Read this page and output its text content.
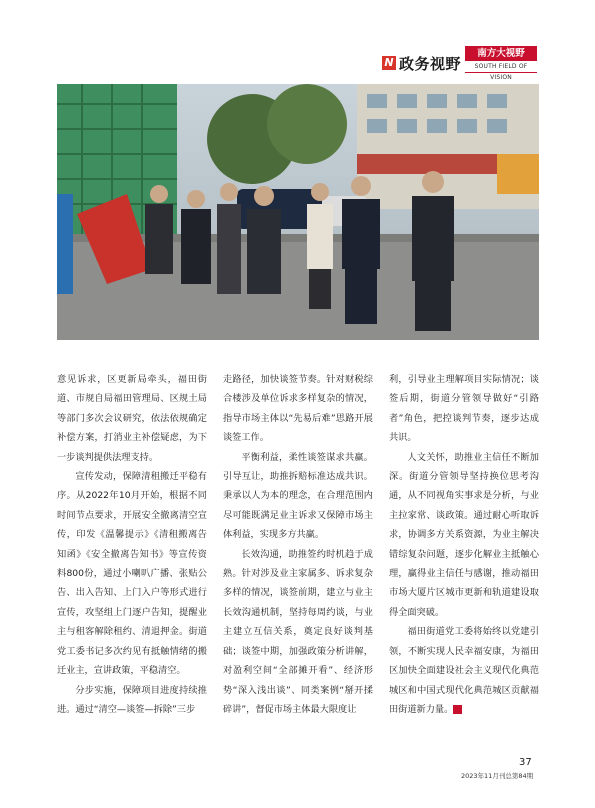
N 政务视野
南方大视野
SOUTH FIELD OF VISION

意见诉求，区更新局牵头，福田街道、市规自局福田管理局、区规土局等部门多次会议研究，依法依规确定补偿方案，打消业主补偿疑虑，为下一步谈判提供法理支持。

宣传发动，保障清租搬迁平稳有序。从2022年10月开始，根据不同时间节点要求，开展安全撤离清空宣传，印发《温馨提示》《清租搬离告知函》《安全撤离告知书》等宣传资料800份，通过小喇叭广播、张贴公告、出入告知、上门入户等形式进行宣传，攻坚组上门逐户告知，提醒业主与租客解除租约、清退押金。街道党工委书记多次约见有抵触情绪的搬迁业主，宣讲政策，平稳清空。

分步实施，保障项目进度持续推进。通过“清空—谈签—拆除”三步

走路径，加快谈签节奏。针对财税综合楼涉及单位诉求多样复杂的情况，指导市场主体以“先易后难”思路开展谈签工作。

平衡利益，柔性谈签谋求共赢。引导互让，助推拆赔标准达成共识。秉承以人为本的理念，在合理范围内尽可能既满足业主诉求又保障市场主体利益，实现多方共赢。

长效沟通，助推签约时机趋于成熟。针对涉及业主家属多、诉求复杂多样的情况，谈签前期，建立与业主长效沟通机制，坚持每周约谈，与业主建立互信关系，奠定良好谈判基础；谈签中期，加强政策分析讲解，对盈利空间“全部摊开看”、经济形势“深入浅出谈”、同类案例“掰开揉碎讲”，督促市场主体最大限度让

利，引导业主理解项目实际情况；谈签后期，街道分管领导做好“引路者”角色，把控谈判节奏，逐步达成共识。

人文关怀，助推业主信任不断加深。街道分管领导坚持换位思考沟通，从不同视角实事求是分析，与业主拉家常、谈政策。通过耐心听取诉求，协调多方关系资源，为业主解决错综复杂问题，逐步化解业主抵触心理，赢得业主信任与感谢，推动福田市场大厦片区城市更新和轨道建设取得全面突破。

福田街道党工委将始终以党建引领，不断实现人民幸福安康，为福田区加快全面建设社会主义现代化典范城区和中国式现代化典范城区贡献福田街道新力量。	N

37
2023年11月刊总第84期
